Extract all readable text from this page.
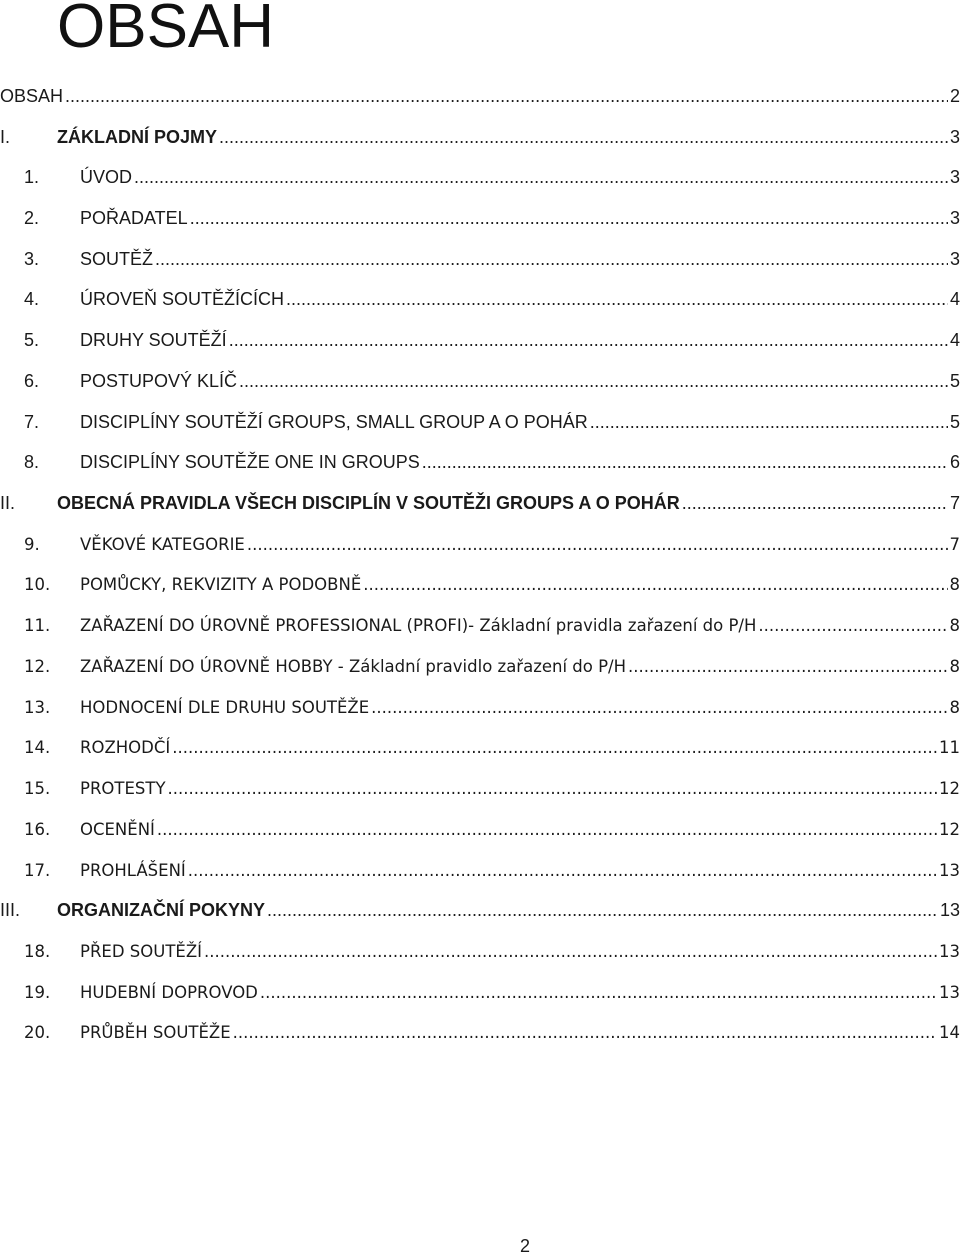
OBSAH
OBSAH .....	2
I.	ZÁKLADNÍ POJMY .....	3
1.	ÚVOD .....	3
2.	POŘADATEL .....	3
3.	SOUTĚŽ .....	3
4.	ÚROVEŇ SOUTĚŽÍCÍCH .....	4
5.	DRUHY SOUTĚŽÍ .....	4
6.	POSTUPOVÝ KLÍČ .....	5
7.	DISCIPLÍNY SOUTĚŽÍ GROUPS, SMALL GROUP A O POHÁR .....	5
8.	DISCIPLÍNY SOUTĚŽE ONE IN GROUPS .....	6
II.	OBECNÁ PRAVIDLA VŠECH DISCIPLÍN V SOUTĚŽI GROUPS A O POHÁR .....	7
9.	VĚKOVÉ KATEGORIE .....	7
10.	POMŮCKY, REKVIZITY A PODOBNĚ .....	8
11.	ZAŘAZENÍ DO ÚROVNĚ PROFESSIONAL (PROFI)- Základní pravidla zařazení do P/H .....	8
12.	ZAŘAZENÍ DO ÚROVNĚ HOBBY - Základní pravidlo zařazení do P/H .....	8
13.	HODNOCENÍ DLE DRUHU SOUTĚŽE .....	8
14.	ROZHODČÍ .....	11
15.	PROTESTY .....	12
16.	OCENĚNÍ .....	12
17.	PROHLÁŠENÍ .....	13
III.	ORGANIZAČNÍ POKYNY .....	13
18.	PŘED SOUTĚŽÍ .....	13
19.	HUDEBNÍ DOPROVOD .....	13
20.	PRŮBĚH SOUTĚŽE .....	14
2
